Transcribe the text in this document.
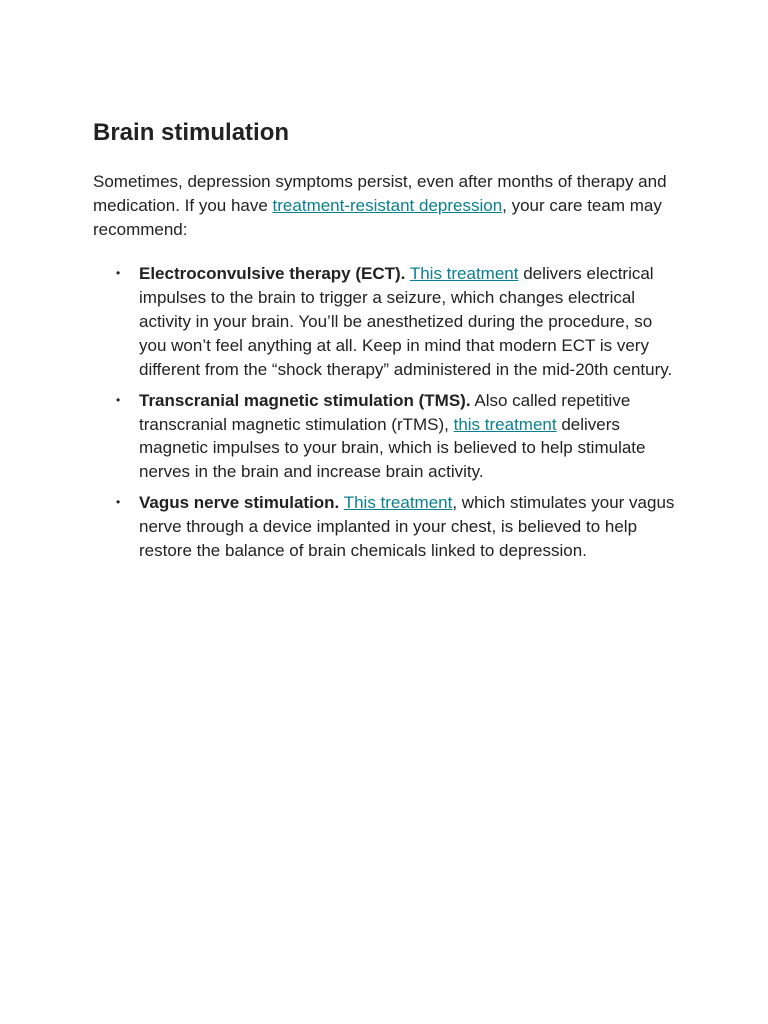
Brain stimulation

Sometimes, depression symptoms persist, even after months of therapy and medication. If you have treatment-resistant depression, your care team may recommend:

• Electroconvulsive therapy (ECT). This treatment delivers electrical impulses to the brain to trigger a seizure, which changes electrical activity in your brain. You’ll be anesthetized during the procedure, so you won’t feel anything at all. Keep in mind that modern ECT is very different from the “shock therapy” administered in the mid-20th century.
• Transcranial magnetic stimulation (TMS). Also called repetitive transcranial magnetic stimulation (rTMS), this treatment delivers magnetic impulses to your brain, which is believed to help stimulate nerves in the brain and increase brain activity.
• Vagus nerve stimulation. This treatment, which stimulates your vagus nerve through a device implanted in your chest, is believed to help restore the balance of brain chemicals linked to depression.
